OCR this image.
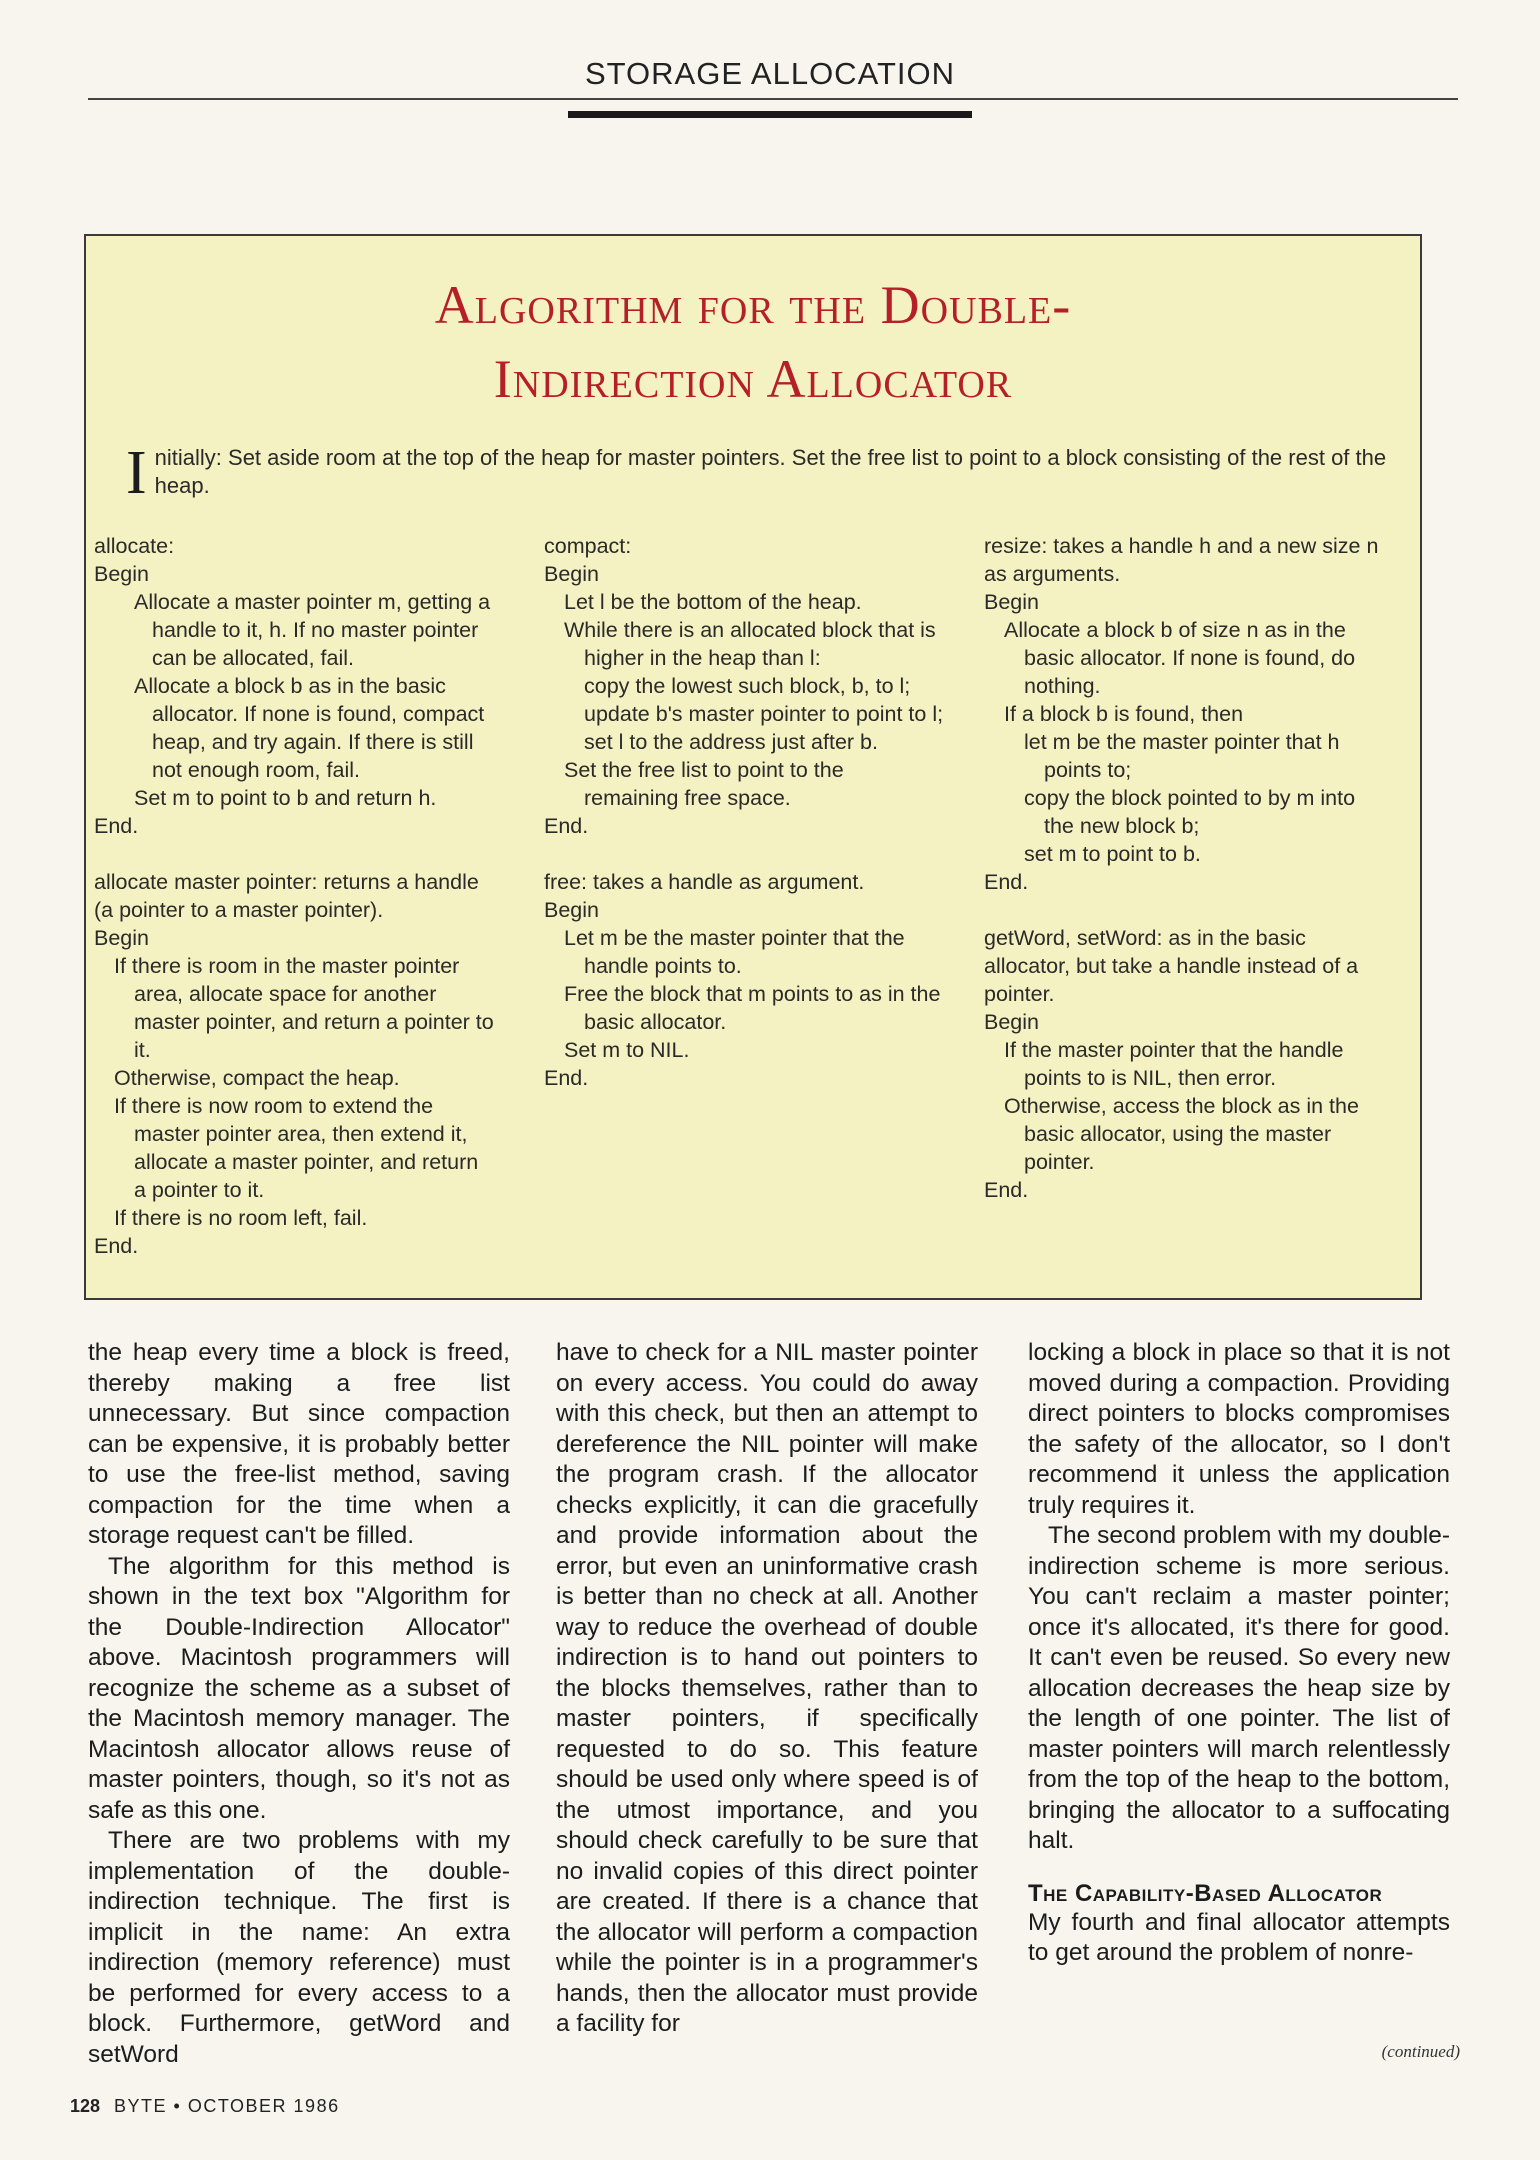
STORAGE ALLOCATION
Algorithm for the Double-
Indirection Allocator
Initially: Set aside room at the top of the heap for master pointers. Set the free list to point to a block consisting of the rest of the heap.

allocate:

Begin

Allocate a master pointer m, getting a handle to it, h. If no master pointer can be allocated, fail.

Allocate a block b as in the basic allocator. If none is found, compact heap, and try again. If there is still not enough room, fail.

Set m to point to b and return h.

End.

allocate master pointer: returns a handle (a pointer to a master pointer).

Begin

If there is room in the master pointer area, allocate space for another master pointer, and return a pointer to it.

Otherwise, compact the heap.

If there is now room to extend the master pointer area, then extend it, allocate a master pointer, and return a pointer to it.

If there is no room left, fail.

End.

compact:

Begin

Let l be the bottom of the heap.

While there is an allocated block that is higher in the heap than l:

copy the lowest such block, b, to l;

update b's master pointer to point to l;

set l to the address just after b.

Set the free list to point to the remaining free space.

End.

free: takes a handle as argument.

Begin

Let m be the master pointer that the handle points to.

Free the block that m points to as in the basic allocator.

Set m to NIL.

End.

resize: takes a handle h and a new size n as arguments.

Begin

Allocate a block b of size n as in the basic allocator. If none is found, do nothing.

If a block b is found, then

let m be the master pointer that h points to;

copy the block pointed to by m into the new block b;

set m to point to b.

End.

getWord, setWord: as in the basic allocator, but take a handle instead of a pointer.

Begin

If the master pointer that the handle points to is NIL, then error.

Otherwise, access the block as in the basic allocator, using the master pointer.

End.

the heap every time a block is freed, thereby making a free list unnecessary. But since compaction can be expensive, it is probably better to use the free-list method, saving compaction for the time when a storage request can't be filled.

The algorithm for this method is shown in the text box "Algorithm for the Double-Indirection Allocator" above. Macintosh programmers will recognize the scheme as a subset of the Macintosh memory manager. The Macintosh allocator allows reuse of master pointers, though, so it's not as safe as this one.

There are two problems with my implementation of the double-indirection technique. The first is implicit in the name: An extra indirection (memory reference) must be performed for every access to a block. Furthermore, getWord and setWord

have to check for a NIL master pointer on every access. You could do away with this check, but then an attempt to dereference the NIL pointer will make the program crash. If the allocator checks explicitly, it can die gracefully and provide information about the error, but even an uninformative crash is better than no check at all. Another way to reduce the overhead of double indirection is to hand out pointers to the blocks themselves, rather than to master pointers, if specifically requested to do so. This feature should be used only where speed is of the utmost importance, and you should check carefully to be sure that no invalid copies of this direct pointer are created. If there is a chance that the allocator will perform a compaction while the pointer is in a programmer's hands, then the allocator must provide a facility for

locking a block in place so that it is not moved during a compaction. Providing direct pointers to blocks compromises the safety of the allocator, so I don't recommend it unless the application truly requires it.

The second problem with my double-indirection scheme is more serious. You can't reclaim a master pointer; once it's allocated, it's there for good. It can't even be reused. So every new allocation decreases the heap size by the length of one pointer. The list of master pointers will march relentlessly from the top of the heap to the bottom, bringing the allocator to a suffocating halt.

The Capability-Based Allocator

My fourth and final allocator attempts to get around the problem of nonre-

(continued)
128 BYTE • OCTOBER 1986
